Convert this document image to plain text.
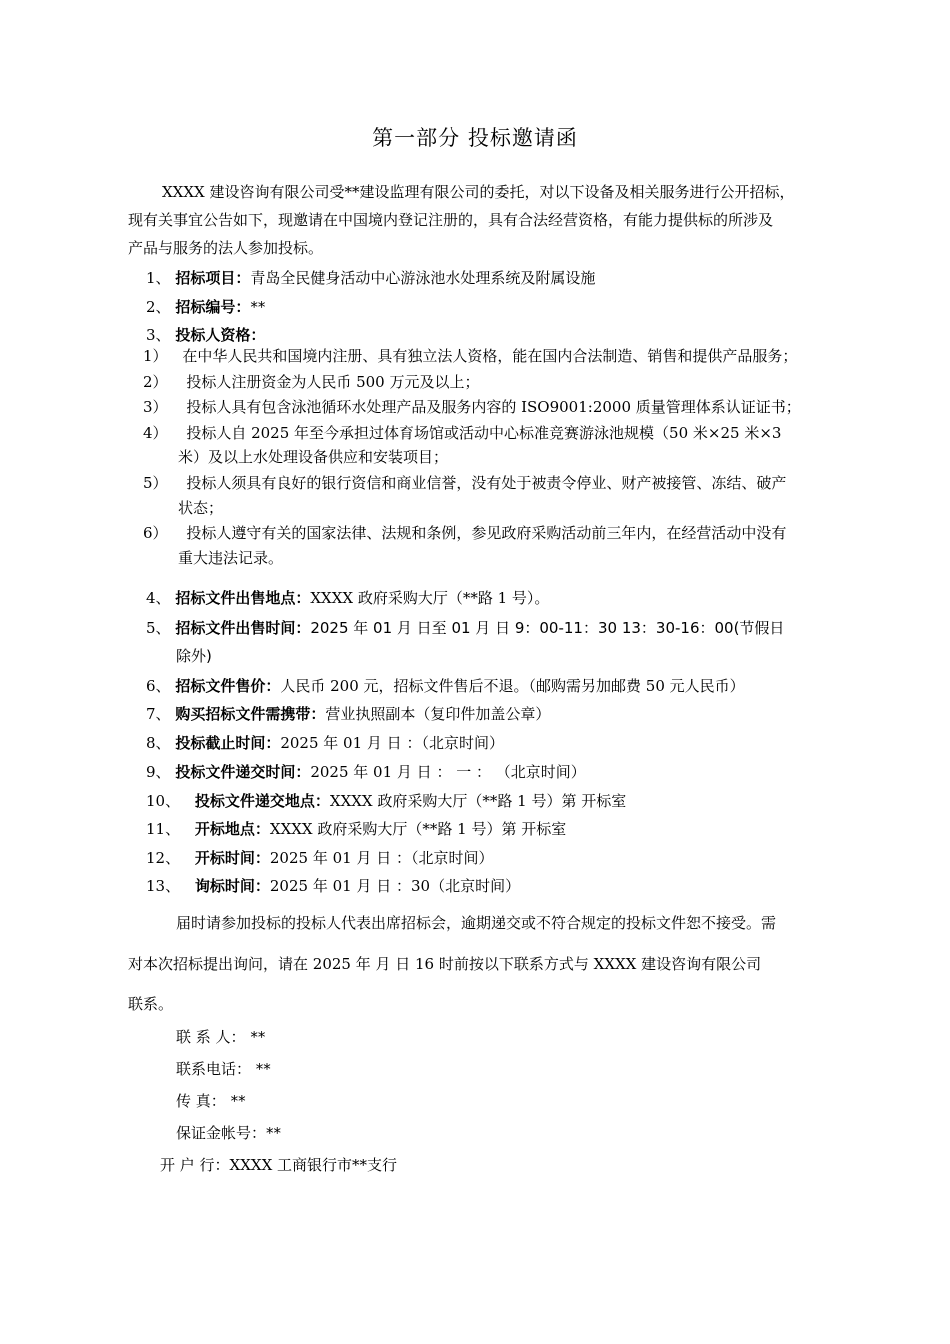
第一部分 投标邀请函
XXXX 建设咨询有限公司受**建设监理有限公司的委托，对以下设备及相关服务进行公开招标，
现有关事宜公告如下，现邀请在中国境内登记注册的，具有合法经营资格，有能力提供标的所涉及
产品与服务的法人参加投标。
1、 招标项目：青岛全民健身活动中心游泳池水处理系统及附属设施
2、 招标编号：**
3、 投标人资格：
1） 在中华人民共和国境内注册、具有独立法人资格，能在国内合法制造、销售和提供产品服务；
2） 投标人注册资金为人民币 500 万元及以上；
3） 投标人具有包含泳池循环水处理产品及服务内容的 ISO9001:2000 质量管理体系认证证书；
4） 投标人自 2025 年至今承担过体育场馆或活动中心标准竞赛游泳池规模（50 米×25 米×3
米）及以上水处理设备供应和安装项目；
5） 投标人须具有良好的银行资信和商业信誉，没有处于被责令停业、财产被接管、冻结、破产
状态；
6） 投标人遵守有关的国家法律、法规和条例，参见政府采购活动前三年内，在经营活动中没有
重大违法记录。
4、 招标文件出售地点：XXXX 政府采购大厅（**路 1 号）。
5、 招标文件出售时间：2025 年 01 月 日至 01 月 日 9：00-11：30 13：30-16：00(节假日
除外)
6、 招标文件售价：人民币 200 元，招标文件售后不退。（邮购需另加邮费 50 元人民币）
7、 购买招标文件需携带：营业执照副本（复印件加盖公章）
8、 投标截止时间：2025 年 01 月 日 ：（北京时间）
9、 投标文件递交时间：2025 年 01 月 日 ： 一 ： （北京时间）
10、 投标文件递交地点：XXXX 政府采购大厅（**路 1 号）第 开标室
11、 开标地点：XXXX 政府采购大厅（**路 1 号）第 开标室
12、 开标时间：2025 年 01 月 日 ：（北京时间）
13、 询标时间：2025 年 01 月 日 ：30（北京时间）
届时请参加投标的投标人代表出席招标会，逾期递交或不符合规定的投标文件恕不接受。需
对本次招标提出询问，请在 2025 年 月 日 16 时前按以下联系方式与 XXXX 建设咨询有限公司
联系。
联 系 人： **
联系电话： **
传 真： **
保证金帐号：**
开 户 行：XXXX 工商银行市**支行
